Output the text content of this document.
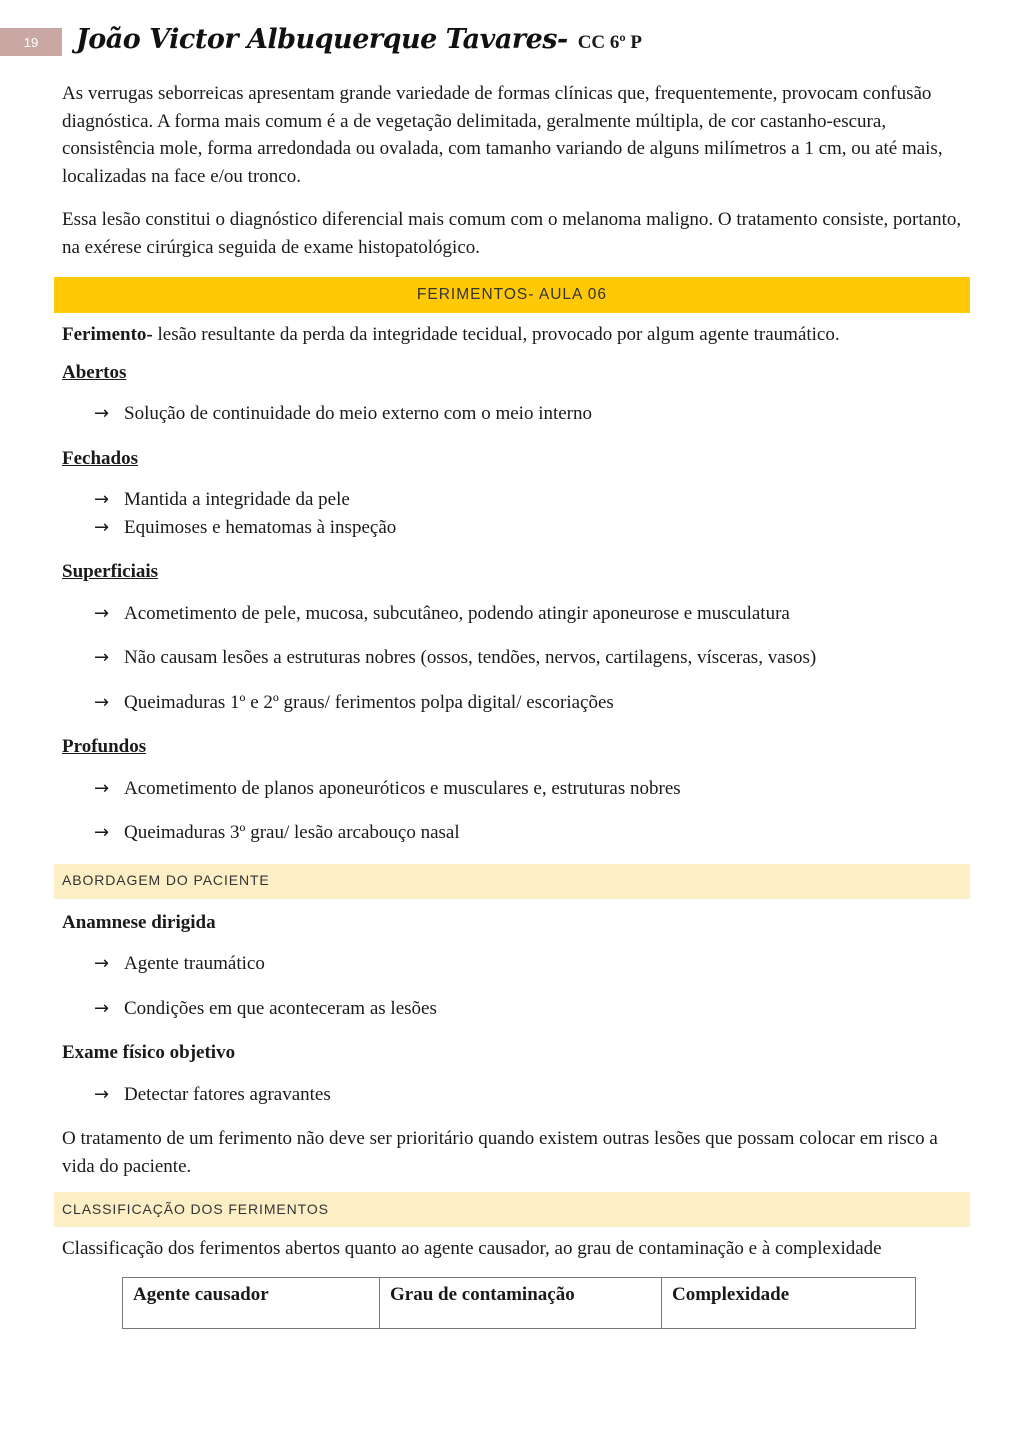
19	João Victor Albuquerque Tavares- CC 6º P

As verrugas seborreicas apresentam grande variedade de formas clínicas que, frequentemente, provocam confusão diagnóstica. A forma mais comum é a de vegetação delimitada, geralmente múltipla, de cor castanho-escura, consistência mole, forma arredondada ou ovalada, com tamanho variando de alguns milímetros a 1 cm, ou até mais, localizadas na face e/ou tronco.

Essa lesão constitui o diagnóstico diferencial mais comum com o melanoma maligno. O tratamento consiste, portanto, na exérese cirúrgica seguida de exame histopatológico.

FERIMENTOS- AULA 06

Ferimento- lesão resultante da perda da integridade tecidual, provocado por algum agente traumático.

Abertos
→ Solução de continuidade do meio externo com o meio interno
Fechados
→ Mantida a integridade da pele
→ Equimoses e hematomas à inspeção
Superficiais
→ Acometimento de pele, mucosa, subcutâneo, podendo atingir aponeurose e musculatura
→ Não causam lesões a estruturas nobres (ossos, tendões, nervos, cartilagens, vísceras, vasos)
→ Queimaduras 1º e 2º graus/ ferimentos polpa digital/ escoriações
Profundos
→ Acometimento de planos aponeuróticos e musculares e, estruturas nobres
→ Queimaduras 3º grau/ lesão arcabouço nasal
ABORDAGEM DO PACIENTE
Anamnese dirigida
→ Agente traumático
→ Condições em que aconteceram as lesões
Exame físico objetivo
→ Detectar fatores agravantes

O tratamento de um ferimento não deve ser prioritário quando existem outras lesões que possam colocar em risco a vida do paciente.

CLASSIFICAÇÃO DOS FERIMENTOS

Classificação dos ferimentos abertos quanto ao agente causador, ao grau de contaminação e à complexidade

Agente causador	Grau de contaminação	Complexidade
